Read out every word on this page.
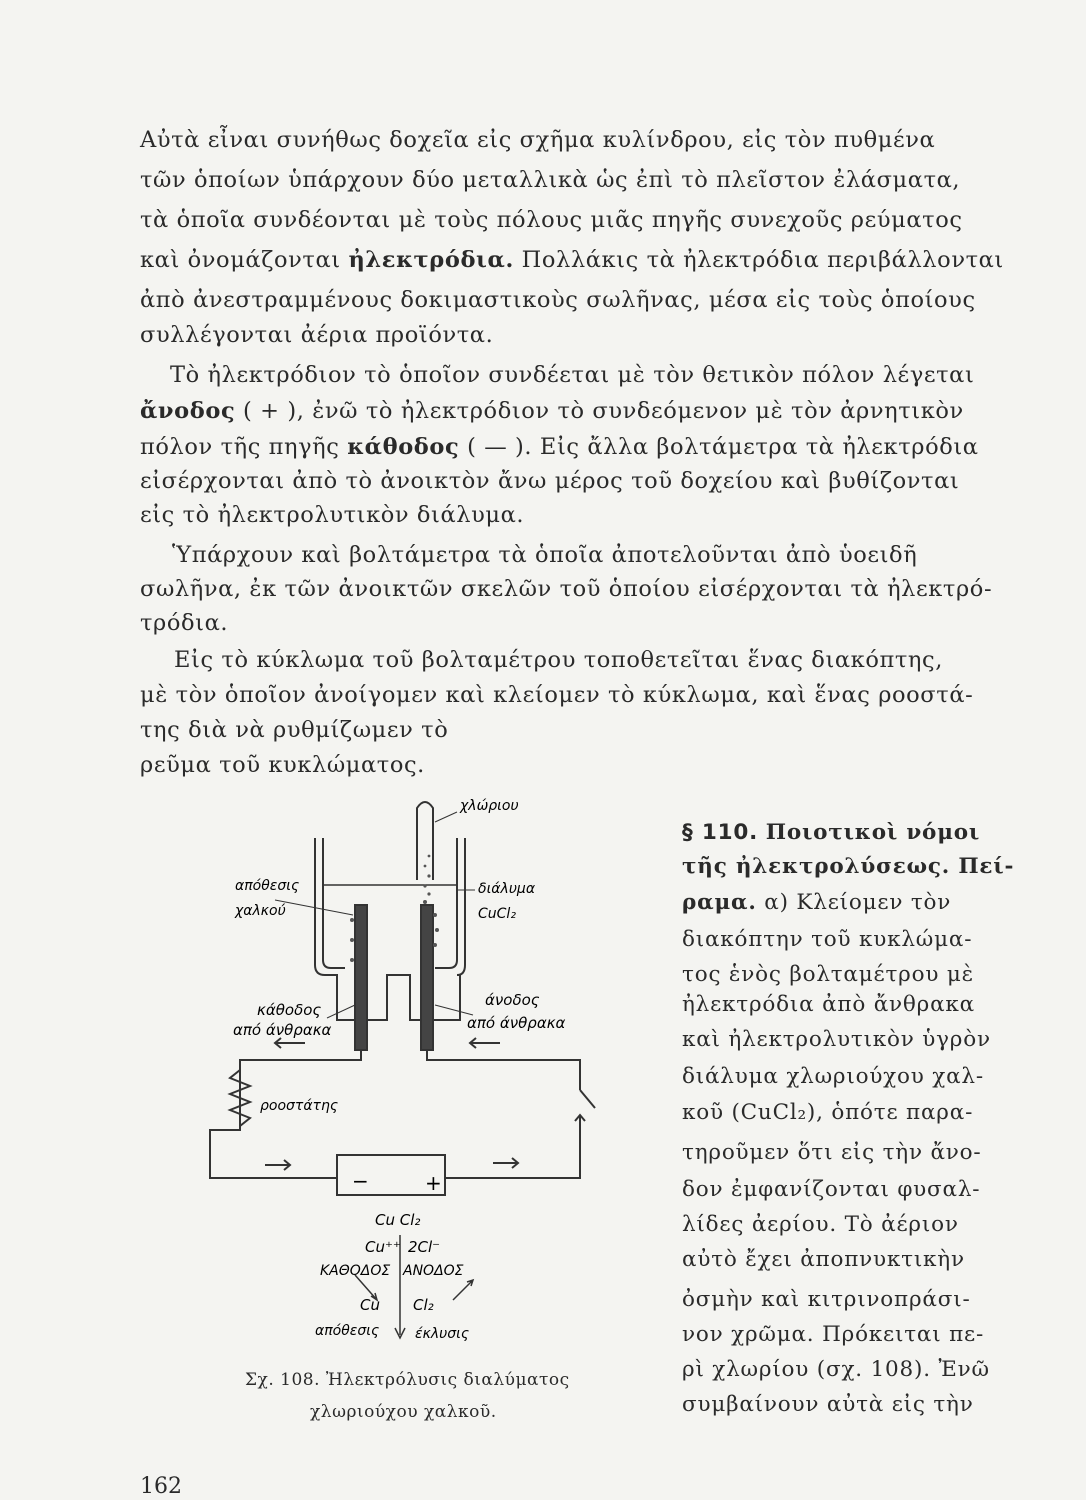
Αὐτὰ εἶναι συνήθως δοχεῖα εἰς σχῆμα κυλίνδρου, εἰς τὸν πυθμένα
τῶν ὁποίων ὑπάρχουν δύο μεταλλικὰ ὡς ἐπὶ τὸ πλεῖστον ἐλάσματα,
τὰ ὁποῖα συνδέονται μὲ τοὺς πόλους μιᾶς πηγῆς συνεχοῦς ρεύματος
καὶ ὀνομάζονται ἠλεκτρόδια. Πολλάκις τὰ ἠλεκτρόδια περιβάλλονται
ἀπὸ ἀνεστραμμένους δοκιμαστικοὺς σωλῆνας, μέσα εἰς τοὺς ὁποίους
συλλέγονται ἀέρια προϊόντα.
Τὸ ἠλεκτρόδιον τὸ ὁποῖον συνδέεται μὲ τὸν θετικὸν πόλον λέγεται
ἄνοδος ( + ), ἐνῶ τὸ ἠλεκτρόδιον τὸ συνδεόμενον μὲ τὸν ἀρνητικὸν
πόλον τῆς πηγῆς κάθοδος ( — ). Εἰς ἄλλα βολτάμετρα τὰ ἠλεκτρόδια
εἰσέρχονται ἀπὸ τὸ ἀνοικτὸν ἄνω μέρος τοῦ δοχείου καὶ βυθίζονται
εἰς τὸ ἠλεκτρολυτικὸν διάλυμα.
Ὑπάρχουν καὶ βολτάμετρα τὰ ὁποῖα ἀποτελοῦνται ἀπὸ ὑοειδῆ
σωλῆνα, ἐκ τῶν ἀνοικτῶν σκελῶν τοῦ ὁποίου εἰσέρχονται τὰ ἠλεκτρό-
τρόδια.
Εἰς τὸ κύκλωμα τοῦ βολταμέτρου τοποθετεῖται ἕνας διακόπτης,
μὲ τὸν ὁποῖον ἀνοίγομεν καὶ κλείομεν τὸ κύκλωμα, καὶ ἕνας ροοστά-
της διὰ νὰ ρυθμίζωμεν τὸ
ρεῦμα τοῦ κυκλώματος.
§ 110. Ποιοτικοὶ νόμοι
τῆς ἠλεκτρολύσεως. Πεί-
ραμα. α) Κλείομεν τὸν
διακόπτην τοῦ κυκλώμα-
τος ἑνὸς βολταμέτρου μὲ
ἠλεκτρόδια ἀπὸ ἄνθρακα
καὶ ἠλεκτρολυτικὸν ὑγρὸν
διάλυμα χλωριούχου χαλ-
κοῦ (CuCl₂), ὁπότε παρα-
τηροῦμεν ὅτι εἰς τὴν ἄνο-
δον ἐμφανίζονται φυσαλ-
λίδες ἀερίου. Τὸ ἀέριον
αὐτὸ ἔχει ἀποπνυκτικὴν
ὀσμὴν καὶ κιτρινοπράσι-
νον χρῶμα. Πρόκειται πε-
ρὶ χλωρίου (σχ. 108). Ἐνῶ
συμβαίνουν αὐτὰ εἰς τὴν
χλώριου
απόθεσις
χαλκού
διάλυμα
CuCl₂
κάθοδος
από άνθρακα
άνοδος
από άνθρακα
ροοστάτης
−	+
Cu Cl₂
Cu⁺⁺ 2Cl⁻
ΚΑΘΟΔΟΣ ΑΝΟΔΟΣ
Cu Cl₂
απόθεσις	έκλυσις
Σχ. 108. Ἠλεκτρόλυσις διαλύματος
χλωριούχου χαλκοῦ.
162
